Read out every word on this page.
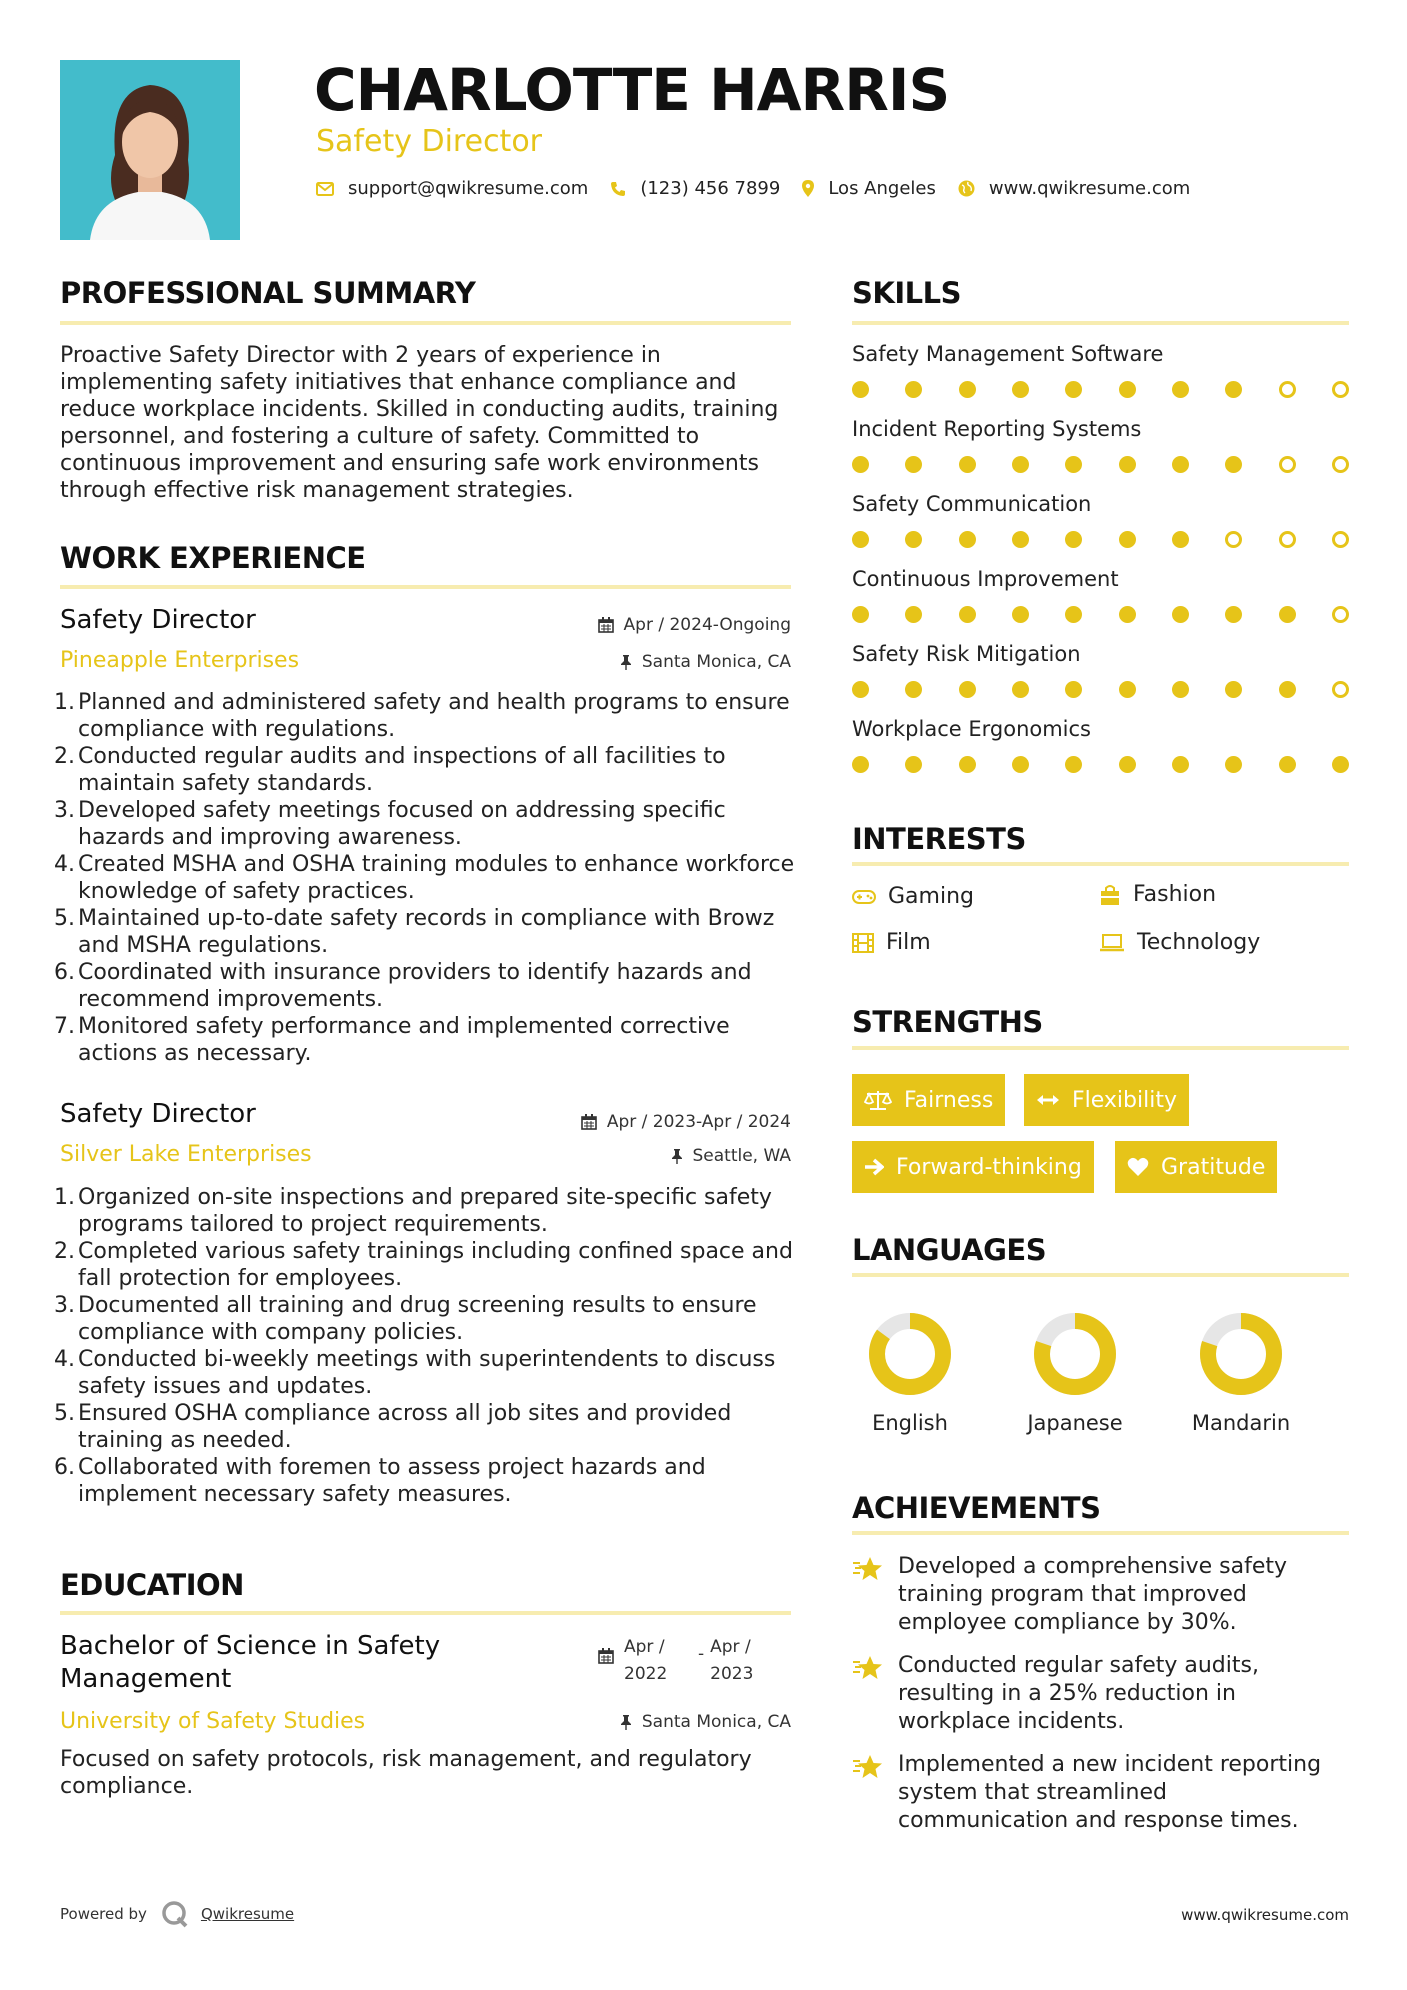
CHARLOTTE HARRIS
Safety Director
support@qwikresume.com	(123) 456 7899	Los Angeles	www.qwikresume.com
PROFESSIONAL SUMMARY
Proactive Safety Director with 2 years of experience in implementing safety initiatives that enhance compliance and reduce workplace incidents. Skilled in conducting audits, training personnel, and fostering a culture of safety. Committed to continuous improvement and ensuring safe work environments through effective risk management strategies.
WORK EXPERIENCE
Safety Director	Apr / 2024-Ongoing
Pineapple Enterprises	Santa Monica, CA
1. Planned and administered safety and health programs to ensure compliance with regulations.
2. Conducted regular audits and inspections of all facilities to maintain safety standards.
3. Developed safety meetings focused on addressing specific hazards and improving awareness.
4. Created MSHA and OSHA training modules to enhance workforce knowledge of safety practices.
5. Maintained up-to-date safety records in compliance with Browz and MSHA regulations.
6. Coordinated with insurance providers to identify hazards and recommend improvements.
7. Monitored safety performance and implemented corrective actions as necessary.
Safety Director	Apr / 2023-Apr / 2024
Silver Lake Enterprises	Seattle, WA
1. Organized on-site inspections and prepared site-specific safety programs tailored to project requirements.
2. Completed various safety trainings including confined space and fall protection for employees.
3. Documented all training and drug screening results to ensure compliance with company policies.
4. Conducted bi-weekly meetings with superintendents to discuss safety issues and updates.
5. Ensured OSHA compliance across all job sites and provided training as needed.
6. Collaborated with foremen to assess project hazards and implement necessary safety measures.
EDUCATION
Bachelor of Science in Safety Management
Apr / 2022
- Apr / 2023
University of Safety Studies	Santa Monica, CA
Focused on safety protocols, risk management, and regulatory compliance.
SKILLS
Safety Management Software
Incident Reporting Systems
Safety Communication
Continuous Improvement
Safety Risk Mitigation
Workplace Ergonomics
INTERESTS
Gaming	Fashion
Film	Technology
STRENGTHS
Fairness	Flexibility
Forward-thinking	Gratitude
LANGUAGES
English	Japanese	Mandarin
ACHIEVEMENTS
Developed a comprehensive safety training program that improved employee compliance by 30%.
Conducted regular safety audits, resulting in a 25% reduction in workplace incidents.
Implemented a new incident reporting system that streamlined communication and response times.
Powered by	Qwikresume	www.qwikresume.com
